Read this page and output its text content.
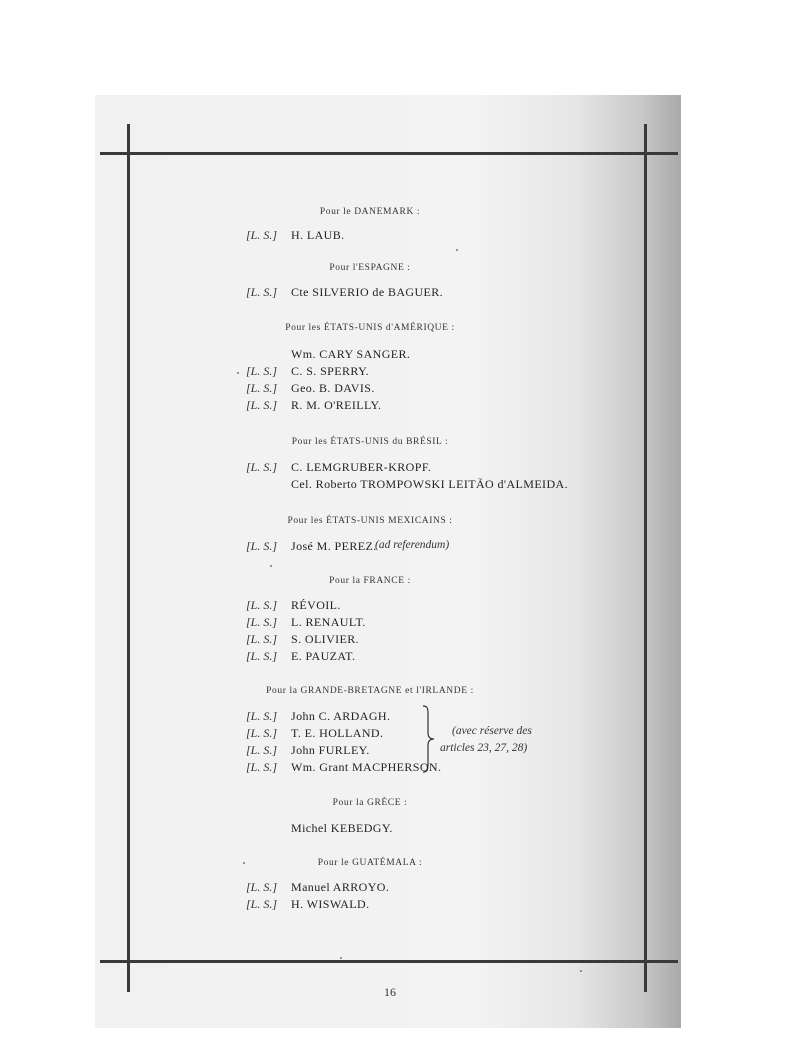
Pour le DANEMARK :
[L. S.] H. LAUB.
Pour l'ESPAGNE :
[L. S.] Cte SILVERIO de BAGUER.
Pour les ÉTATS-UNIS d'AMÉRIQUE :
Wm. CARY SANGER.
[L. S.] C. S. SPERRY.
[L. S.] Geo. B. DAVIS.
[L. S.] R. M. O'REILLY.
Pour les ÉTATS-UNIS du BRÉSIL :
[L. S.] C. LEMGRUBER-KROPF.
Cel. Roberto TROMPOWSKI LEITÃO d'ALMEIDA.
Pour les ÉTATS-UNIS MEXICAINS :
[L. S.] José M. PEREZ.
(ad referendum)
Pour la FRANCE :
[L. S.] RÉVOIL.
[L. S.] L. RENAULT.
[L. S.] S. OLIVIER.
[L. S.] E. PAUZAT.
Pour la GRANDE-BRETAGNE et l'IRLANDE :
[L. S.] John C. ARDAGH.
[L. S.] T. E. HOLLAND.
[L. S.] John FURLEY.
[L. S.] Wm. Grant MACPHERSON.
(avec réserve des
articles 23, 27, 28)
Pour la GRÈCE :
Michel KEBEDGY.
Pour le GUATÉMALA :
[L. S.] Manuel ARROYO.
[L. S.] H. WISWALD.
16
